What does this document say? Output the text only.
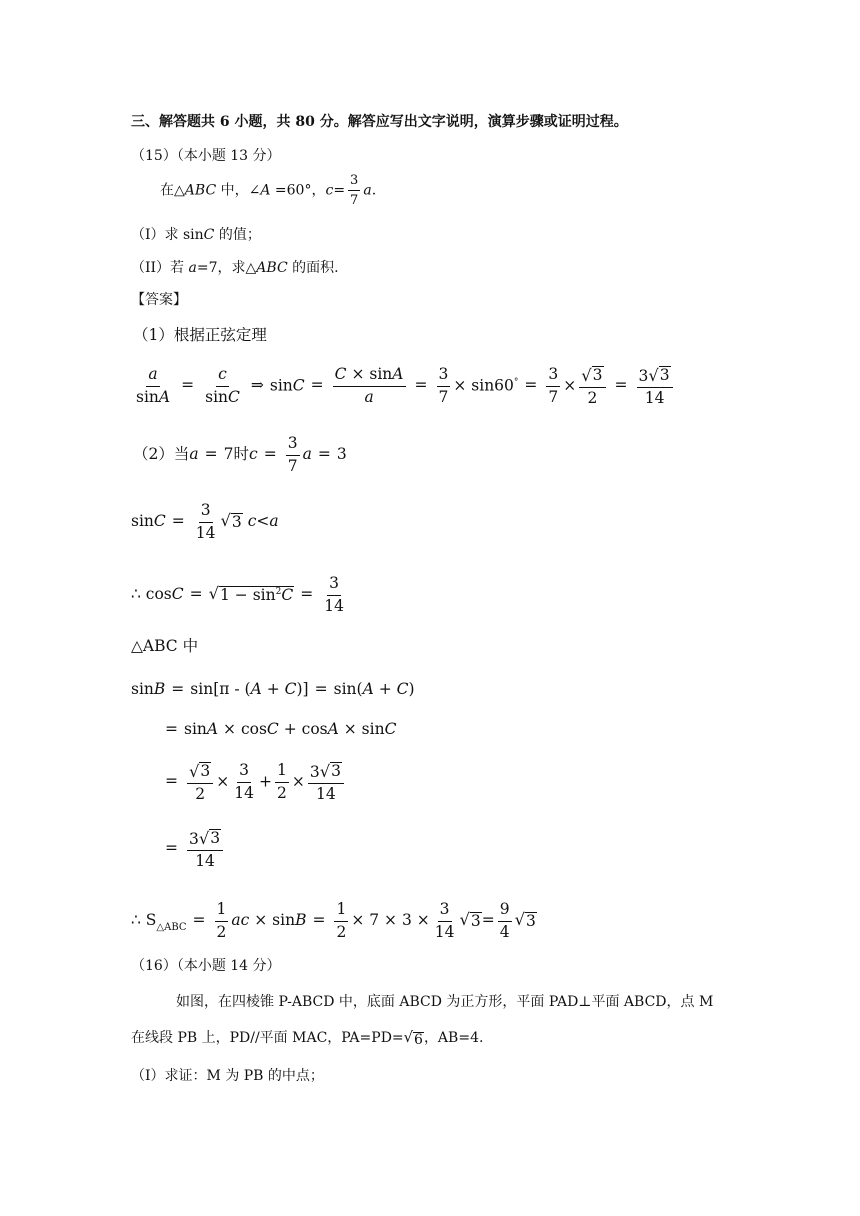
三、解答题共 6 小题，共 80 分。解答应写出文字说明，演算步骤或证明过程。
（15）（本小题 13 分）
在△ABC 中，∠A =60°，$c= \frac{3}{7} a$.
（I）求 sinC 的值；
（II）若 a=7，求△ABC 的面积.
【答案】
（1）根据正弦定理
$\frac{a}{\sin A} = \frac{c}{\sin C}$ ⇒ $\sin C = \frac{C \times \sin A}{a} = \frac{3}{7} \times \sin 60^\circ = \frac{3}{7} \times \frac{√ 3}{2} = \frac{3 √ 3}{14}$
（2）当a = 7时$c = \frac{3}{7}$ a = 3
$\sin C = \frac{3}{14}$ √ 3 c<a
∴ cosC = √ $1 - \sin^2C = \frac{3}{14}$
△ABC 中
sinB = sin[π - (A + C)] = sin(A + C)
= sinA × cosC + cosA × sinC
= $\frac{√ 3}{2} \times \frac{3}{14} + \frac{1}{2} \times \frac{3 √ 3}{14}$
= $\frac{3 √ 3}{14}$
∴ $S_{\triangle ABC} = \frac{1}{2}$ ac × $\sin B = \frac{1}{2} \times 7 \times 3 \times \frac{3}{14}$ √ $3 = \frac{9}{4}$ √ 3
（16）（本小题 14 分）
如图，在四棱锥 P-ABCD 中，底面 ABCD 为正方形，平面 PAD⊥平面 ABCD，点 M
在线段 PB 上，PD//平面 MAC，PA=PD= √ 6 ，AB=4.
（I）求证：M 为 PB 的中点；
